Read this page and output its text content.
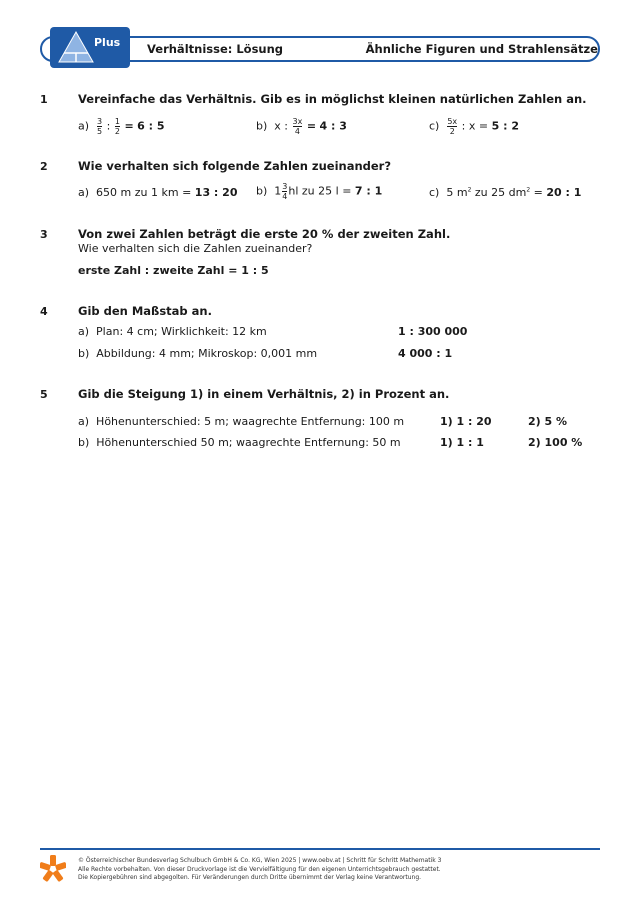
Plus Verhältnisse: Lösung	Ähnliche Figuren und Strahlensätze
1	Vereinfache das Verhältnis. Gib es in möglichst kleinen natürlichen Zahlen an.
$a) \frac{3}{5}$ : $\frac{1}{2} = 6$ : 5	b) x : $\frac{3x}{4} = 4$ : 3	$c) \frac{5x}{2}$ : x = 5 : 2
2	Wie verhalten sich folgende Zahlen zueinander?
a) 650 m zu 1 km = 13 : 20 b) $1 \frac{3}{4}$ hl zu 25 l = 7 : 1	c) 5 $m^2$ zu 25 $dm^2 = 20$ : 1
3	Von zwei Zahlen beträgt die erste 20 % der zweiten Zahl.
Wie verhalten sich die Zahlen zueinander?
erste Zahl : zweite Zahl = 1 : 5
4	Gib den Maßstab an.
a) Plan: 4 cm; Wirklichkeit: 12 km	1 : 300 000
b) Abbildung: 4 mm; Mikroskop: 0,001 mm	4 000 : 1
5	Gib die Steigung 1) in einem Verhältnis, 2) in Prozent an.
a) Höhenunterschied: 5 m; waagrechte Entfernung: 100 m	1) 1 : 20	2) 5 %
b) Höhenunterschied 50 m; waagrechte Entfernung: 50 m	1) 1 : 1	2) 100 %
© Österreichischer Bundesverlag Schulbuch GmbH & Co. KG, Wien 2025 | www.oebv.at | Schritt für Schritt Mathematik 3
Alle Rechte vorbehalten. Von dieser Druckvorlage ist die Vervielfältigung für den eigenen Unterrichtsgebrauch gestattet.
Die Kopiergebühren sind abgegolten. Für Veränderungen durch Dritte übernimmt der Verlag keine Verantwortung.
